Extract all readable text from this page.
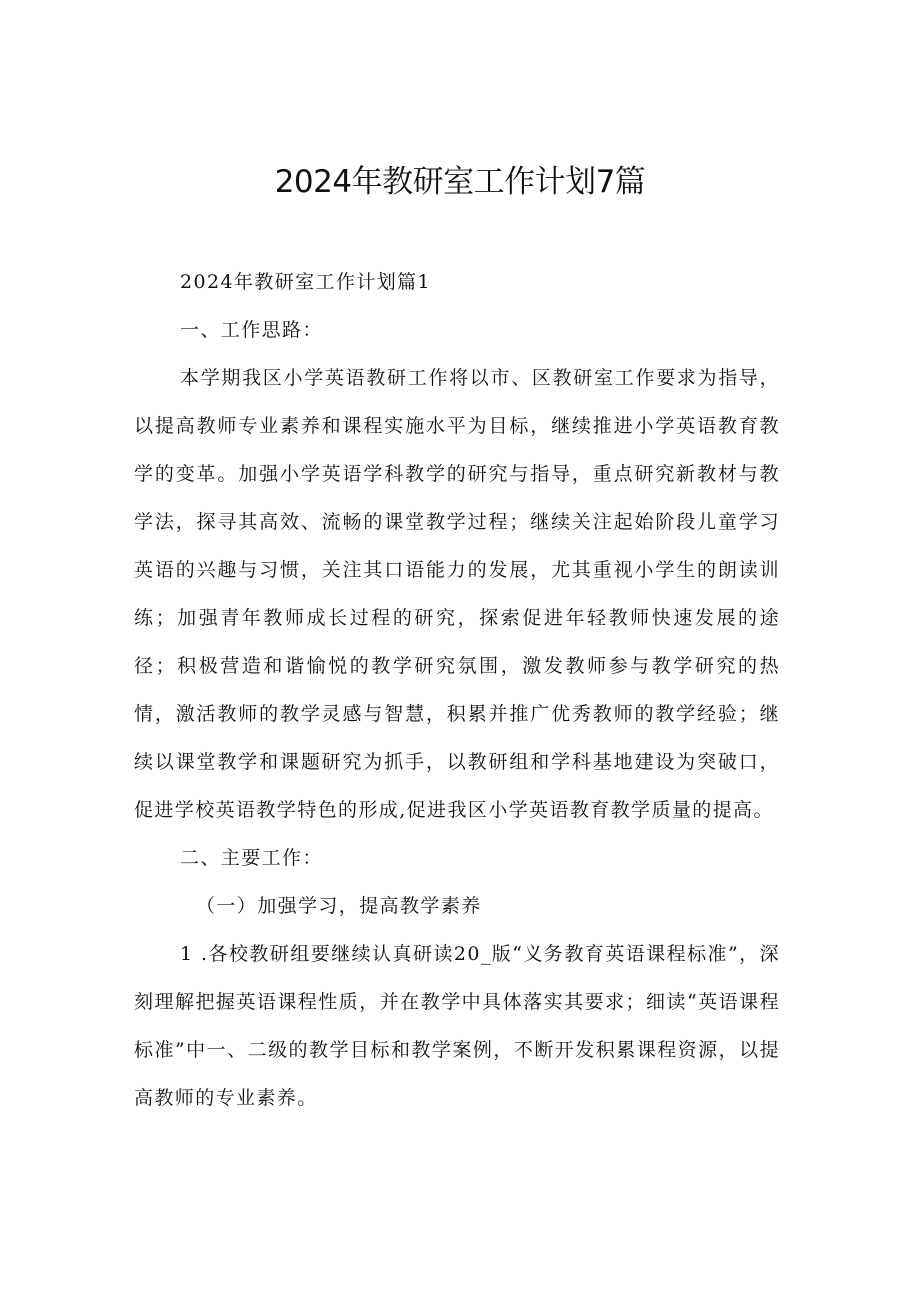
2024年教研室工作计划7篇

2024年教研室工作计划篇1

一、工作思路：

本学期我区小学英语教研工作将以市、区教研室工作要求为指导，以提高教师专业素养和课程实施水平为目标，继续推进小学英语教育教学的变革。加强小学英语学科教学的研究与指导，重点研究新教材与教学法，探寻其高效、流畅的课堂教学过程；继续关注起始阶段儿童学习英语的兴趣与习惯，关注其口语能力的发展，尤其重视小学生的朗读训练；加强青年教师成长过程的研究，探索促进年轻教师快速发展的途径；积极营造和谐愉悦的教学研究氛围，激发教师参与教学研究的热情，激活教师的教学灵感与智慧，积累并推广优秀教师的教学经验；继续以课堂教学和课题研究为抓手，以教研组和学科基地建设为突破口，促进学校英语教学特色的形成,促进我区小学英语教育教学质量的提高。

二、主要工作：

（一）加强学习，提高教学素养

1 .各校教研组要继续认真研读20_版“义务教育英语课程标准”，深刻理解把握英语课程性质，并在教学中具体落实其要求；细读“英语课程标准”中一、二级的教学目标和教学案例，不断开发积累课程资源，以提高教师的专业素养。
